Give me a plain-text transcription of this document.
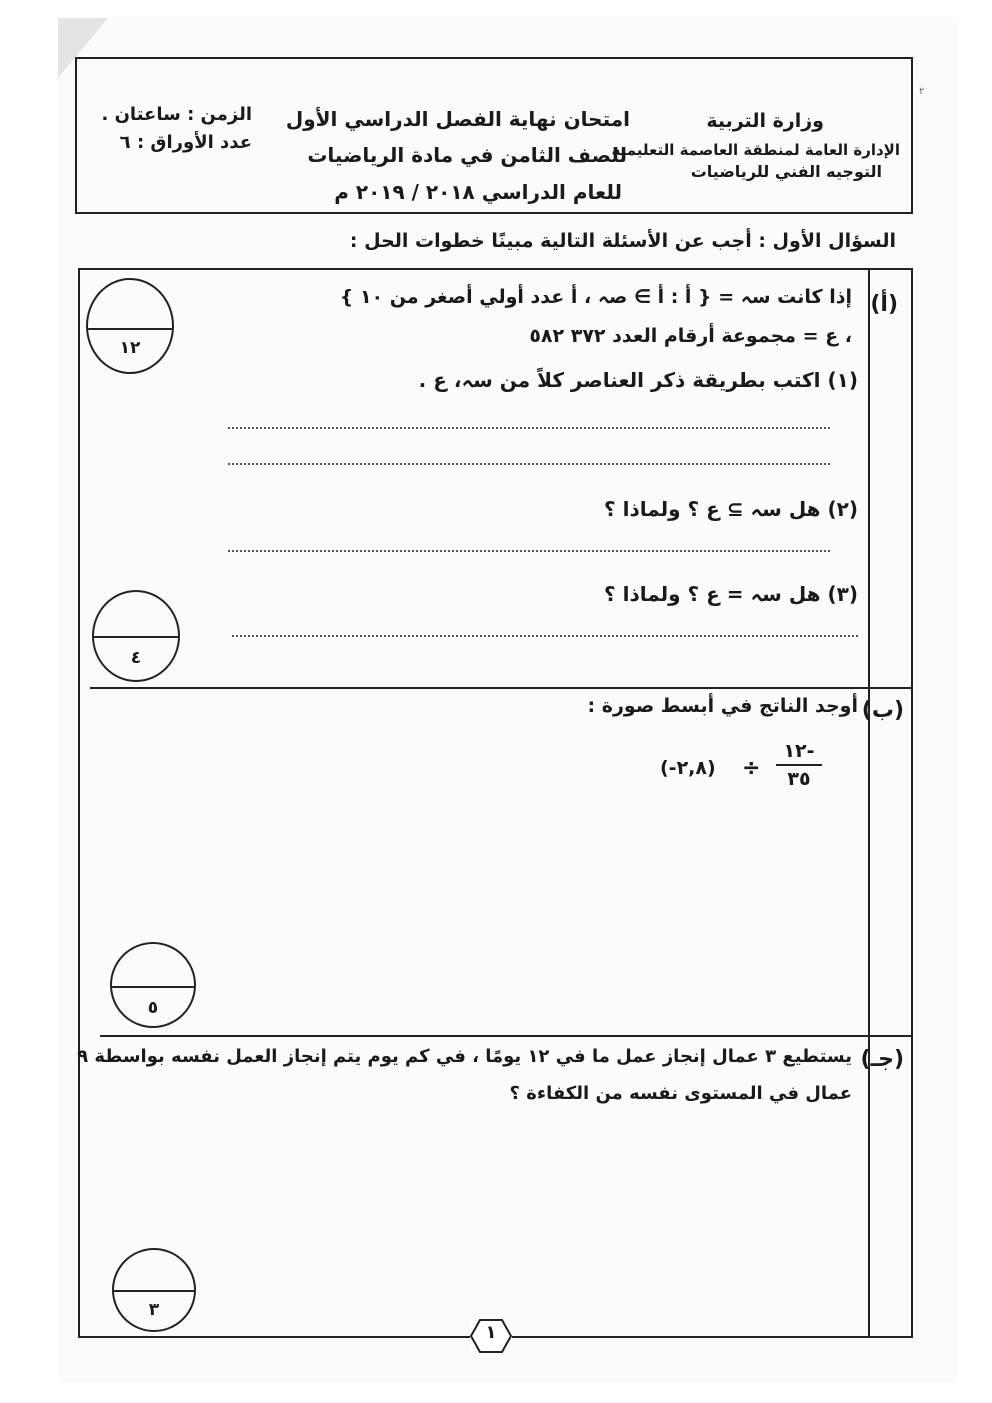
٢
وزارة التربية
الإدارة العامة لمنطقة العاصمة التعليمية
التوجيه الفني للرياضيات
امتحان نهاية الفصل الدراسي الأول
للصف الثامن في مادة الرياضيات
للعام الدراسي ٢٠١٨ / ٢٠١٩ م
الزمن : ساعتان .
عدد الأوراق : ٦
السؤال الأول : أجب عن الأسئلة التالية مبينًا خطوات الحل :
(أ)
إذا كانت سہ = { أ : أ ∋ صہ ، أ عدد أولي أصغر من ١٠ }
، ع = مجموعة أرقام العدد ٣٧٢ ٥٨٢
(١) اكتب بطريقة ذكر العناصر كلاً من سہ، ع .
(٢) هل سہ ⊇ ع ؟ ولماذا ؟
(٣) هل سہ = ع ؟ ولماذا ؟
١٢
٤
(ب)
أوجد الناتج في أبسط صورة :
١٢-
٣٥
÷
(٢,٨-)
٥
(جـ)
يستطيع ٣ عمال إنجاز عمل ما في ١٢ يومًا ، في كم يوم يتم إنجاز العمل نفسه بواسطة ٩
عمال في المستوى نفسه من الكفاءة ؟
٣
١
